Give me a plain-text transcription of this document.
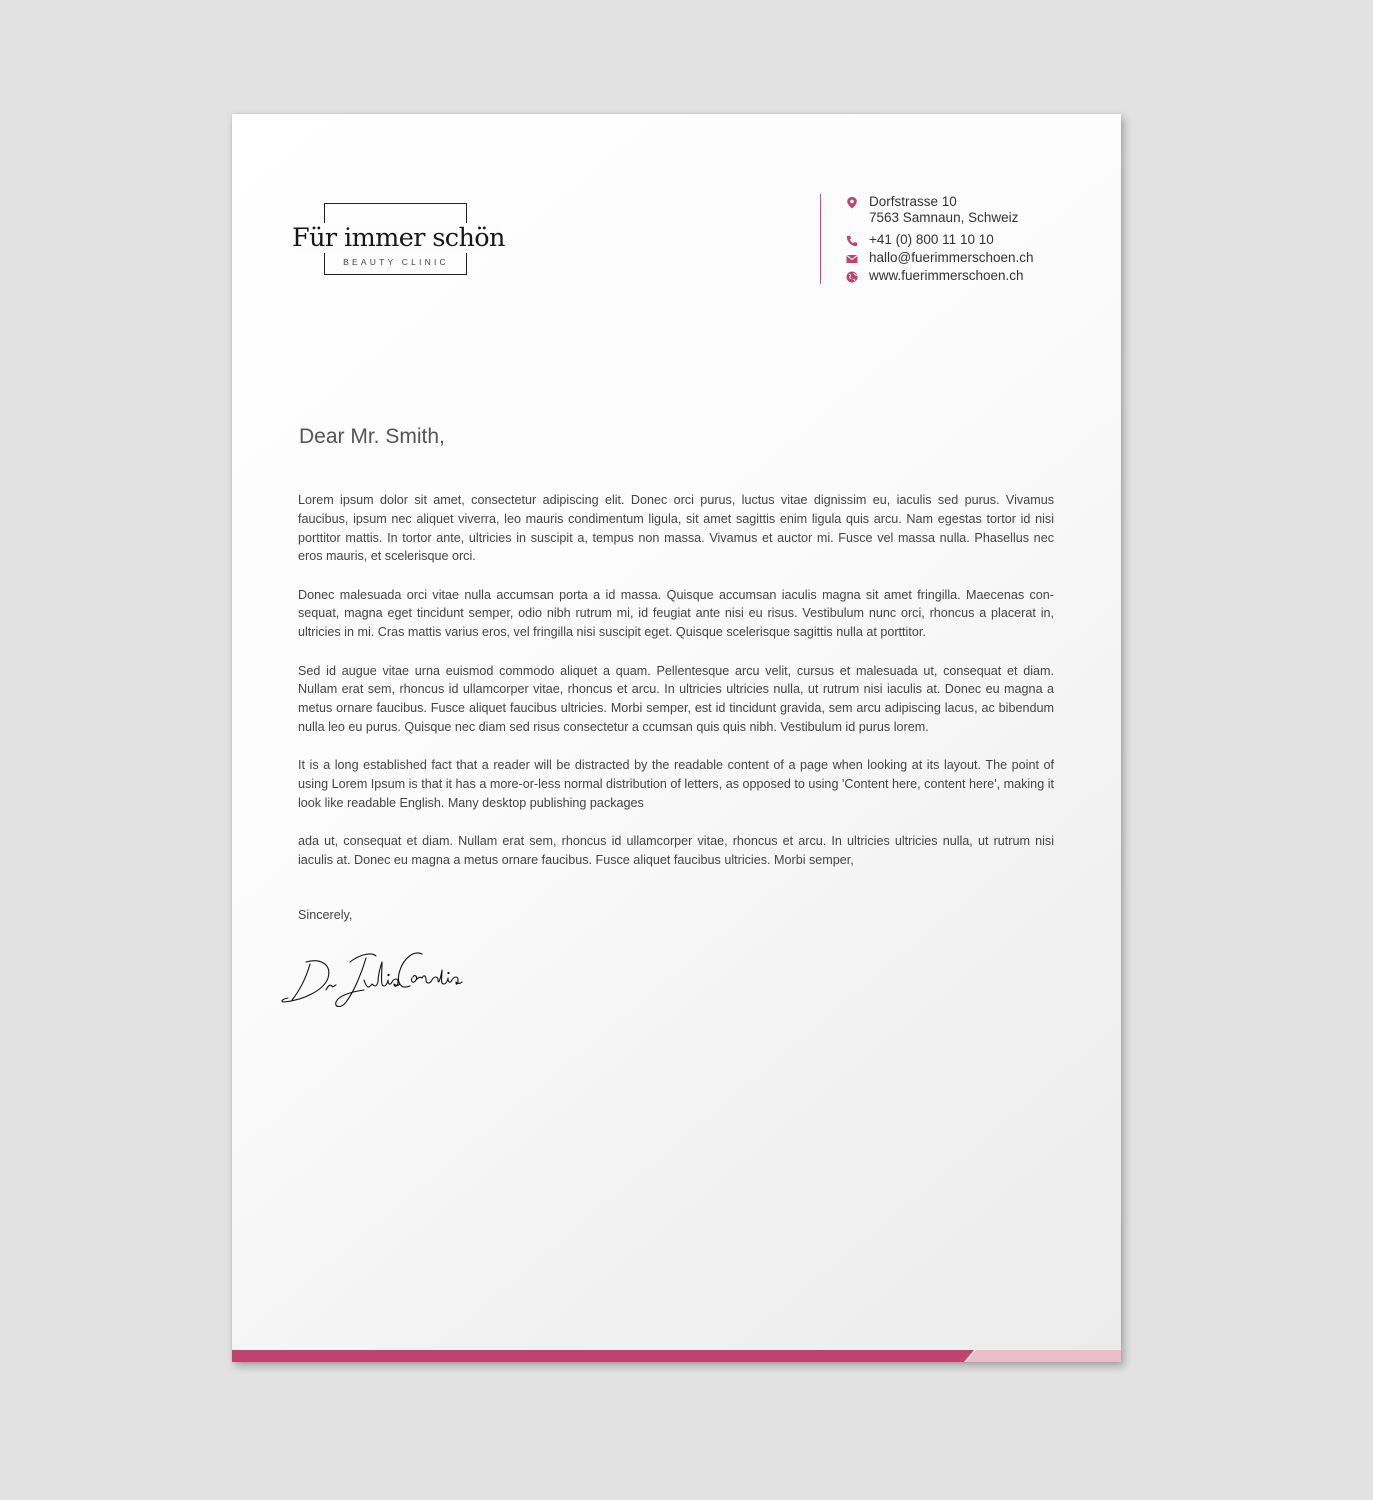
Für immer schön
BEAUTY CLINIC
Dorfstrasse 10
7563 Samnaun, Schweiz
+41 (0) 800 11 10 10
hallo@fuerimmerschoen.ch
www.fuerimmerschoen.ch
Dear Mr. Smith,

Lorem ipsum dolor sit amet, consectetur adipiscing elit. Donec orci purus, luctus vitae dignissim eu, iaculis sed purus. Vivamus faucibus, ipsum nec aliquet viverra, leo mauris condimentum ligula, sit amet sagittis enim ligula quis arcu. Nam egestas tortor id nisi porttitor mattis. In tortor ante, ultricies in suscipit a, tempus non massa. Vivamus et auctor mi. Fusce vel massa nulla. Phasellus nec eros mauris, et scelerisque orci.

Donec malesuada orci vitae nulla accumsan porta a id massa. Quisque accumsan iaculis magna sit amet fringilla. Maecenas con-sequat, magna eget tincidunt semper, odio nibh rutrum mi, id feugiat ante nisi eu risus. Vestibulum nunc orci, rhoncus a placerat in, ultricies in mi. Cras mattis varius eros, vel fringilla nisi suscipit eget. Quisque scelerisque sagittis nulla at porttitor.

Sed id augue vitae urna euismod commodo aliquet a quam. Pellentesque arcu velit, cursus et malesuada ut, consequat et diam. Nullam erat sem, rhoncus id ullamcorper vitae, rhoncus et arcu. In ultricies ultricies nulla, ut rutrum nisi iaculis at. Donec eu magna a metus ornare faucibus. Fusce aliquet faucibus ultricies. Morbi semper, est id tincidunt gravida, sem arcu adipiscing lacus, ac bibendum nulla leo eu purus. Quisque nec diam sed risus consectetur a ccumsan quis quis nibh. Vestibulum id purus lorem.

It is a long established fact that a reader will be distracted by the readable content of a page when looking at its layout. The point of using Lorem Ipsum is that it has a more-or-less normal distribution of letters, as opposed to using 'Content here, content here', making it look like readable English. Many desktop publishing packages

ada ut, consequat et diam. Nullam erat sem, rhoncus id ullamcorper vitae, rhoncus et arcu. In ultricies ultricies nulla, ut rutrum nisi iaculis at. Donec eu magna a metus ornare faucibus. Fusce aliquet faucibus ultricies. Morbi semper,

Sincerely,
